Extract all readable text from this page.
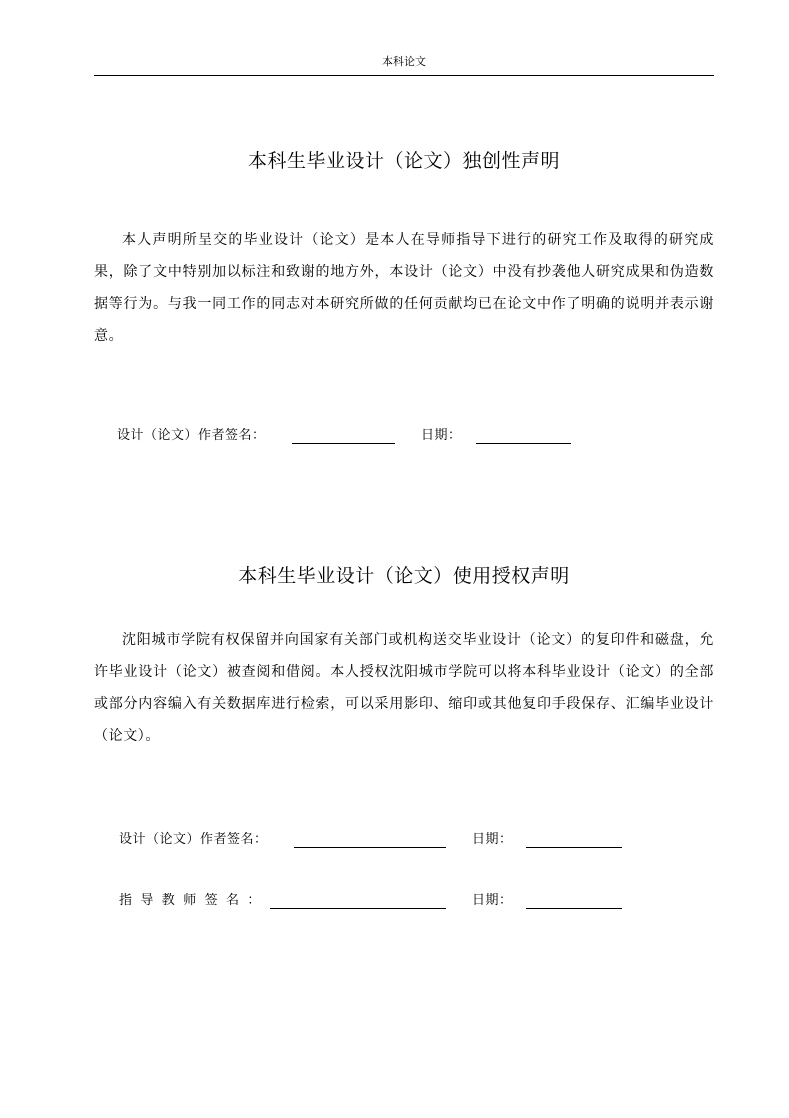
本科论文
本科生毕业设计（论文）独创性声明

本人声明所呈交的毕业设计（论文）是本人在导师指导下进行的研究工作及取得的研究成果，除了文中特别加以标注和致谢的地方外，本设计（论文）中没有抄袭他人研究成果和伪造数据等行为。与我一同工作的同志对本研究所做的任何贡献均已在论文中作了明确的说明并表示谢意。

设计（论文）作者签名：	日期：
本科生毕业设计（论文）使用授权声明

沈阳城市学院有权保留并向国家有关部门或机构送交毕业设计（论文）的复印件和磁盘，允许毕业设计（论文）被查阅和借阅。本人授权沈阳城市学院可以将本科毕业设计（论文）的全部或部分内容编入有关数据库进行检索，可以采用影印、缩印或其他复印手段保存、汇编毕业设计（论文）。

设计（论文）作者签名：	日期：
指导教师签名：	日期：
